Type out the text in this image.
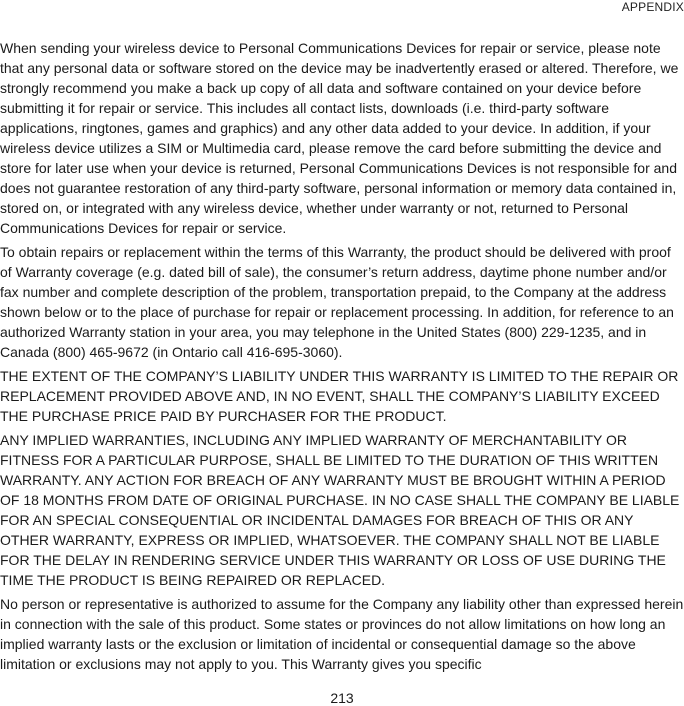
APPENDIX

When sending your wireless device to Personal Communications Devices for repair or service, please note that any personal data or software stored on the device may be inadvertently erased or altered. Therefore, we strongly recommend you make a back up copy of all data and software contained on your device before submitting it for repair or service. This includes all contact lists, downloads (i.e. third-party software applications, ringtones, games and graphics) and any other data added to your device. In addition, if your wireless device utilizes a SIM or Multimedia card, please remove the card before submitting the device and store for later use when your device is returned, Personal Communications Devices is not responsible for and does not guarantee restoration of any third-party software, personal information or memory data contained in, stored on, or integrated with any wireless device, whether under warranty or not, returned to Personal Communications Devices for repair or service.

To obtain repairs or replacement within the terms of this Warranty, the product should be delivered with proof of Warranty coverage (e.g. dated bill of sale), the consumer’s return address, daytime phone number and/or fax number and complete description of the problem, transportation prepaid, to the Company at the address shown below or to the place of purchase for repair or replacement processing. In addition, for reference to an authorized Warranty station in your area, you may telephone in the United States (800) 229-1235, and in Canada (800) 465-9672 (in Ontario call 416-695-3060).

THE EXTENT OF THE COMPANY’S LIABILITY UNDER THIS WARRANTY IS LIMITED TO THE REPAIR OR REPLACEMENT PROVIDED ABOVE AND, IN NO EVENT, SHALL THE COMPANY’S LIABILITY EXCEED THE PURCHASE PRICE PAID BY PURCHASER FOR THE PRODUCT.

ANY IMPLIED WARRANTIES, INCLUDING ANY IMPLIED WARRANTY OF MERCHANTABILITY OR FITNESS FOR A PARTICULAR PURPOSE, SHALL BE LIMITED TO THE DURATION OF THIS WRITTEN WARRANTY. ANY ACTION FOR BREACH OF ANY WARRANTY MUST BE BROUGHT WITHIN A PERIOD OF 18 MONTHS FROM DATE OF ORIGINAL PURCHASE. IN NO CASE SHALL THE COMPANY BE LIABLE FOR AN SPECIAL CONSEQUENTIAL OR INCIDENTAL DAMAGES FOR BREACH OF THIS OR ANY OTHER WARRANTY, EXPRESS OR IMPLIED, WHATSOEVER. THE COMPANY SHALL NOT BE LIABLE FOR THE DELAY IN RENDERING SERVICE UNDER THIS WARRANTY OR LOSS OF USE DURING THE TIME THE PRODUCT IS BEING REPAIRED OR REPLACED.

No person or representative is authorized to assume for the Company any liability other than expressed herein in connection with the sale of this product. Some states or provinces do not allow limitations on how long an implied warranty lasts or the exclusion or limitation of incidental or consequential damage so the above limitation or exclusions may not apply to you. This Warranty gives you specific

213
